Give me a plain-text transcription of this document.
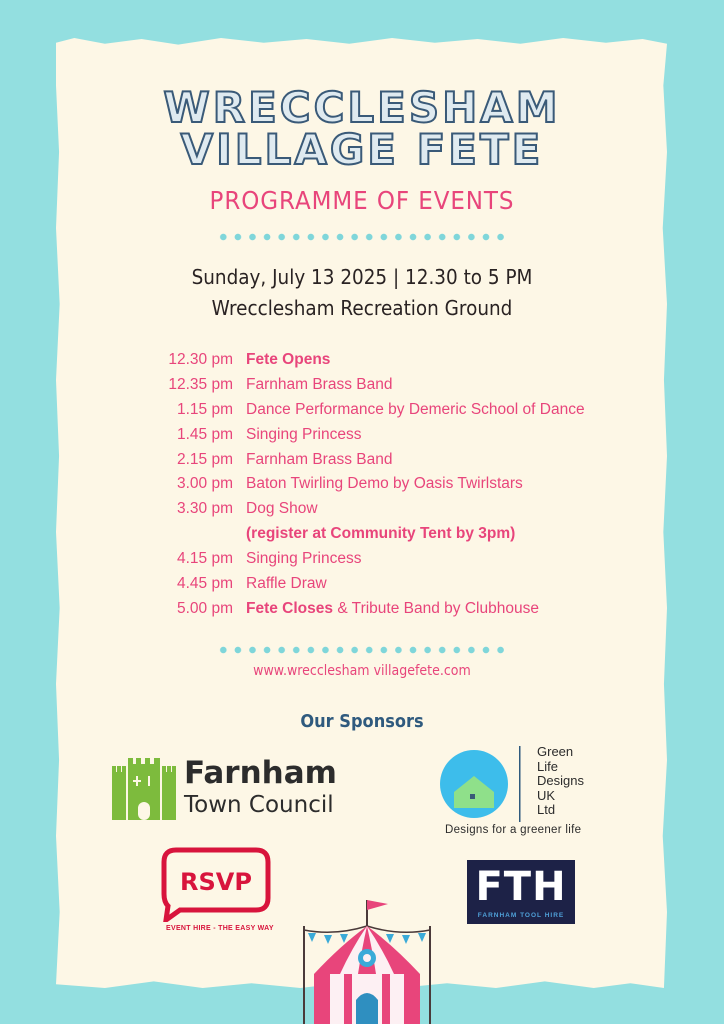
WRECCLESHAM
VILLAGE FETE
PROGRAMME OF EVENTS
Sunday, July 13 2025 | 12.30 to 5 PM
Wrecclesham Recreation Ground
12.30 pm Fete Opens
12.35 pm Farnham Brass Band
1.15 pm Dance Performance by Demeric School of Dance
1.45 pm Singing Princess
2.15 pm Farnham Brass Band
3.00 pm Baton Twirling Demo by Oasis Twirlstars
3.30 pm Dog Show
(register at Community Tent by 3pm)
4.15 pm Singing Princess
4.45 pm Raffle Draw
5.00 pm Fete Closes & Tribute Band by Clubhouse
www.wrecclesham villagefete.com
Our Sponsors
Farnham
Town Council
Green
Life
Designs
UK
Ltd
Designs for a greener life
RSVP
EVENT HIRE - THE EASY WAY
FTH
FARNHAM TOOL HIRE
